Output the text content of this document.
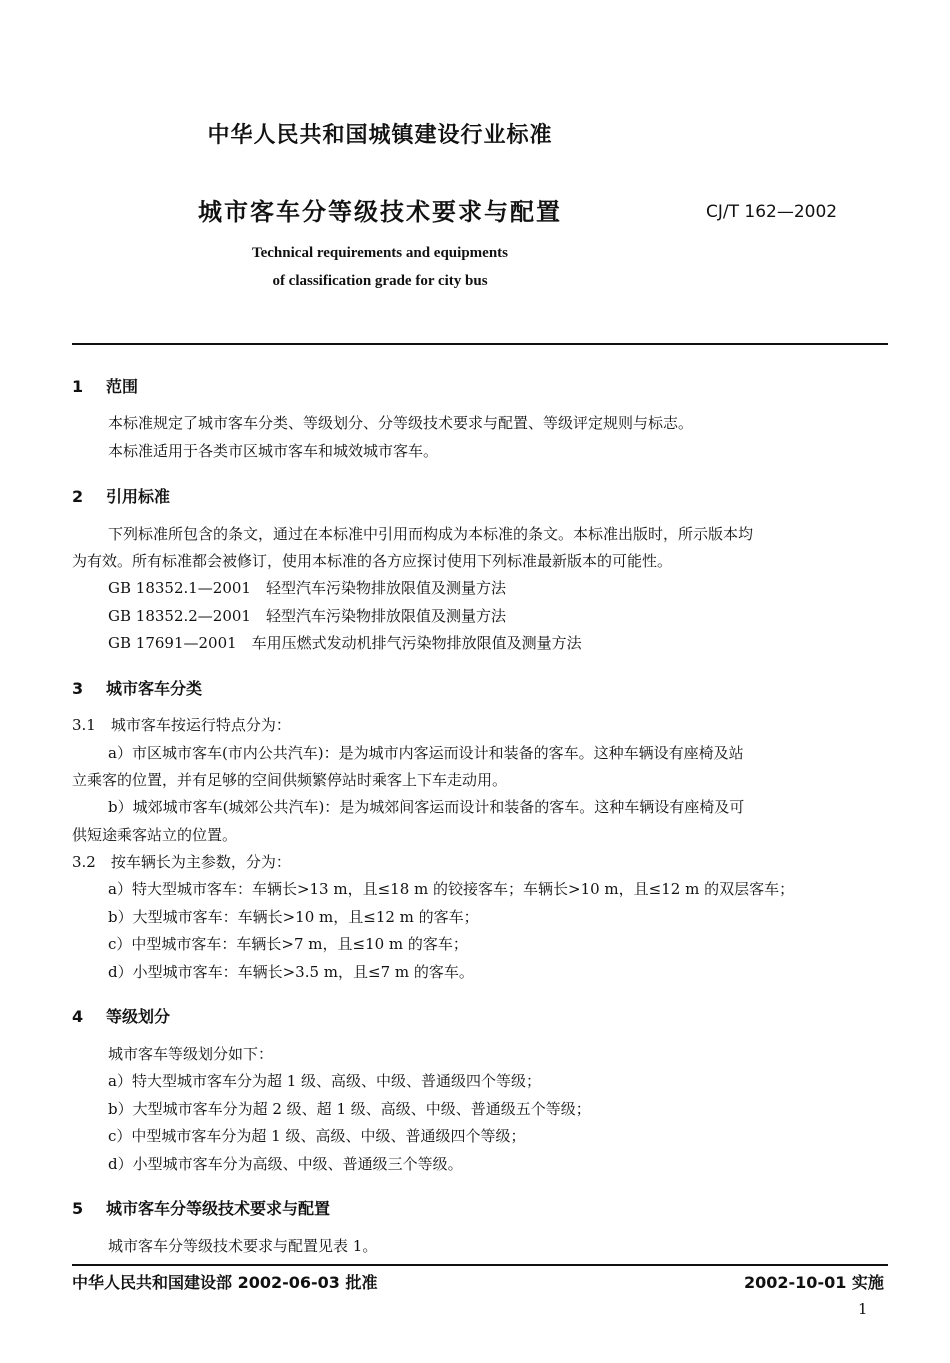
中华人民共和国城镇建设行业标准
城市客车分等级技术要求与配置	CJ/T 162—2002
Technical requirements and equipments
of classification grade for city bus
1 范围
本标准规定了城市客车分类、等级划分、分等级技术要求与配置、等级评定规则与标志。
本标准适用于各类市区城市客车和城效城市客车。
2 引用标准
下列标准所包含的条文，通过在本标准中引用而构成为本标准的条文。本标准出版时，所示版本均
为有效。所有标准都会被修订，使用本标准的各方应探讨使用下列标准最新版本的可能性。
GB 18352.1—2001　轻型汽车污染物排放限值及测量方法
GB 18352.2—2001　轻型汽车污染物排放限值及测量方法
GB 17691—2001　车用压燃式发动机排气污染物排放限值及测量方法
3 城市客车分类
3.1　城市客车按运行特点分为：
a）市区城市客车(市内公共汽车)：是为城市内客运而设计和装备的客车。这种车辆设有座椅及站
立乘客的位置，并有足够的空间供频繁停站时乘客上下车走动用。
b）城郊城市客车(城郊公共汽车)：是为城郊间客运而设计和装备的客车。这种车辆设有座椅及可
供短途乘客站立的位置。
3.2　按车辆长为主参数，分为：
a）特大型城市客车：车辆长>13 m，且≤18 m 的铰接客车；车辆长>10 m，且≤12 m 的双层客车；
b）大型城市客车：车辆长>10 m，且≤12 m 的客车；
c）中型城市客车：车辆长>7 m，且≤10 m 的客车；
d）小型城市客车：车辆长>3.5 m，且≤7 m 的客车。
4 等级划分
城市客车等级划分如下：
a）特大型城市客车分为超 1 级、高级、中级、普通级四个等级；
b）大型城市客车分为超 2 级、超 1 级、高级、中级、普通级五个等级；
c）中型城市客车分为超 1 级、高级、中级、普通级四个等级；
d）小型城市客车分为高级、中级、普通级三个等级。
5 城市客车分等级技术要求与配置
城市客车分等级技术要求与配置见表 1。
中华人民共和国建设部 2002-06-03 批准	2002-10-01 实施
1
